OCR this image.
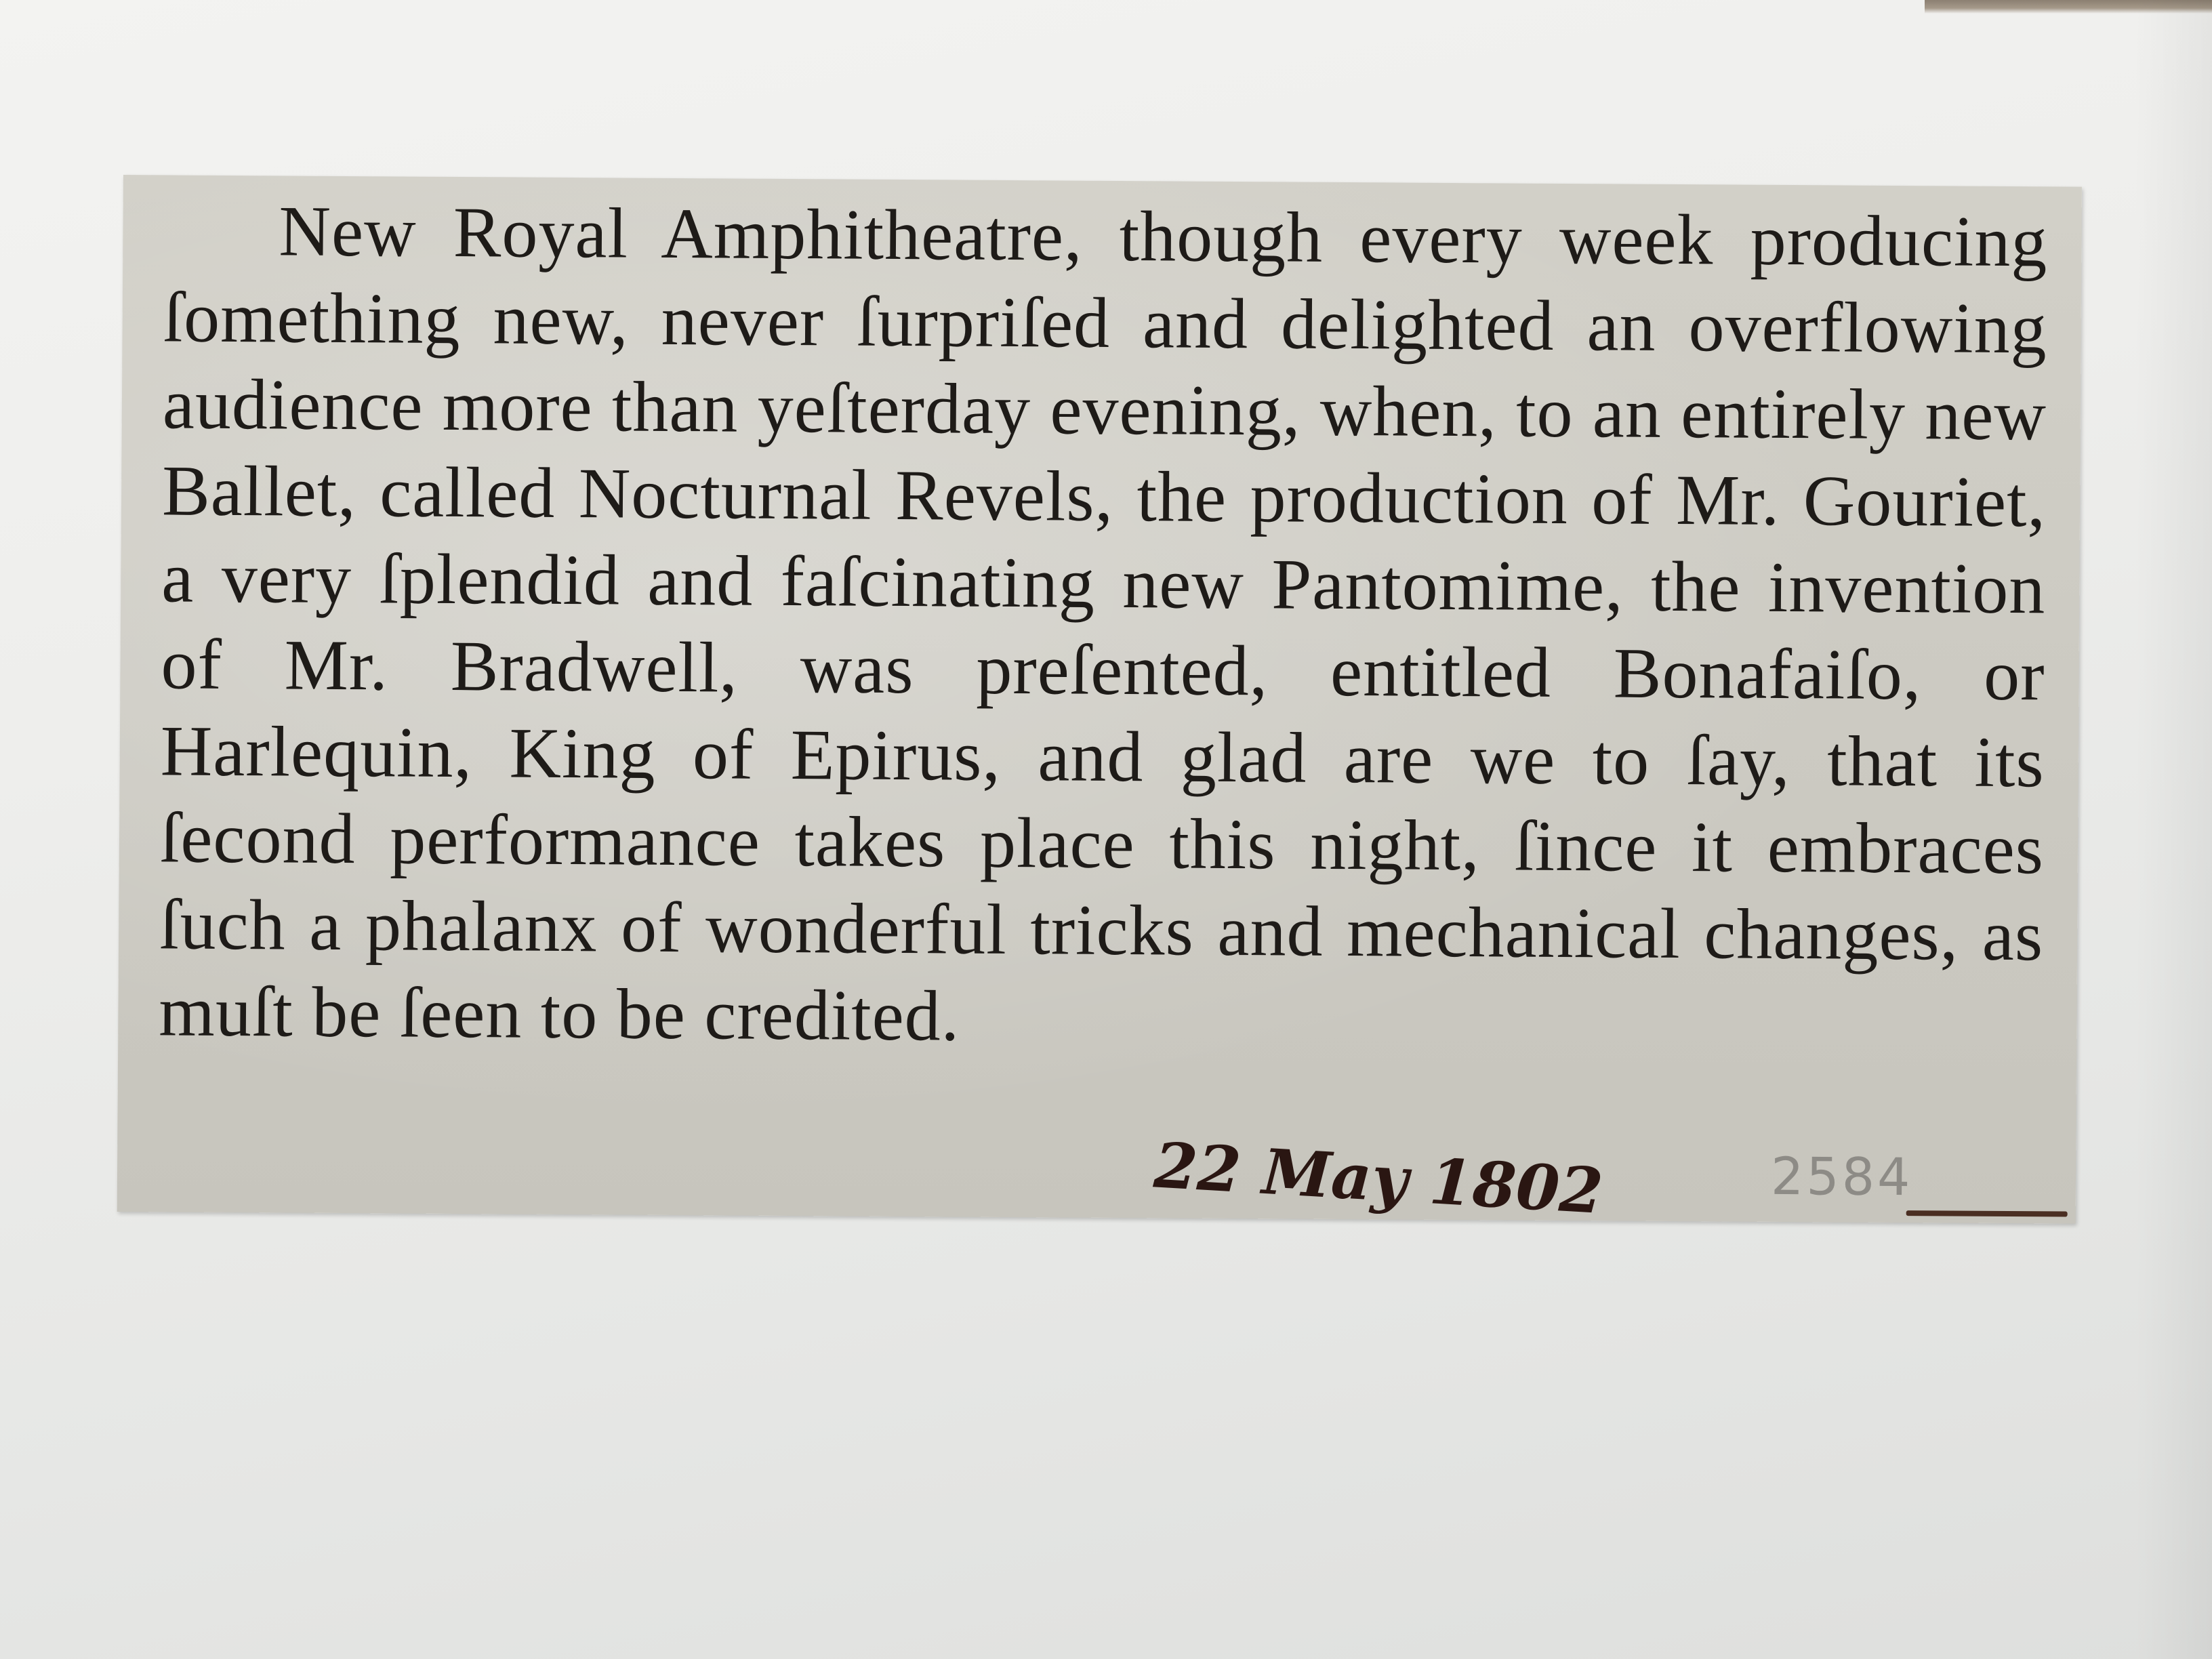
New Royal Amphitheatre, though every week producing ſomething new, never ſurpriſed and delighted an overflowing audience more than yeſterday evening, when, to an entirely new Ballet, called Nocturnal Revels, the production of Mr. Gouriet, a very ſplendid and faſcinating new Pantomime, the invention of Mr. Bradwell, was preſented, entitled Bonafaiſo, or Harlequin, King of Epirus, and glad are we to ſay, that its ſecond performance takes place this night, ſince it embraces ſuch a phalanx of wonderful tricks and mechanical changes, as muſt be ſeen to be credited.

22 May 1802	2584
